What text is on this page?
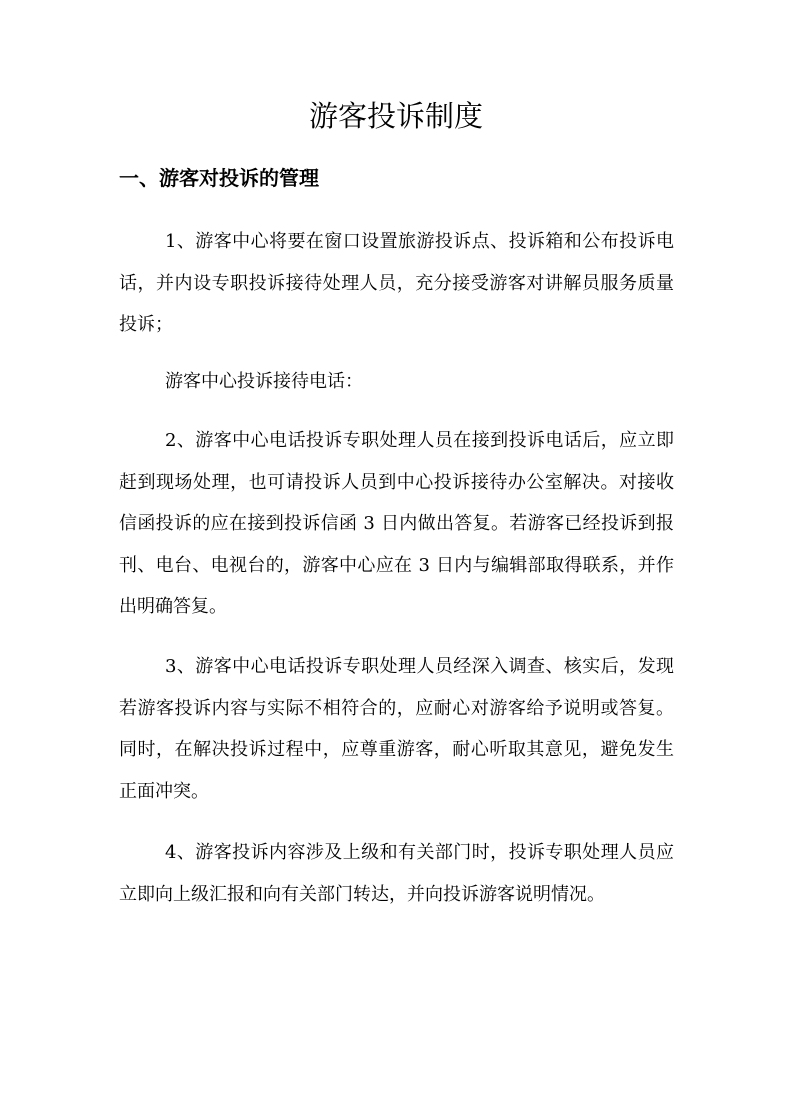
游客投诉制度
一、游客对投诉的管理

1、游客中心将要在窗口设置旅游投诉点、投诉箱和公布投诉电话，并内设专职投诉接待处理人员，充分接受游客对讲解员服务质量投诉；

游客中心投诉接待电话：

2、游客中心电话投诉专职处理人员在接到投诉电话后，应立即赶到现场处理，也可请投诉人员到中心投诉接待办公室解决。对接收信函投诉的应在接到投诉信函 3 日内做出答复。若游客已经投诉到报刊、电台、电视台的，游客中心应在 3 日内与编辑部取得联系，并作出明确答复。

3、游客中心电话投诉专职处理人员经深入调查、核实后，发现若游客投诉内容与实际不相符合的，应耐心对游客给予说明或答复。同时，在解决投诉过程中，应尊重游客，耐心听取其意见，避免发生正面冲突。

4、游客投诉内容涉及上级和有关部门时，投诉专职处理人员应立即向上级汇报和向有关部门转达，并向投诉游客说明情况。
